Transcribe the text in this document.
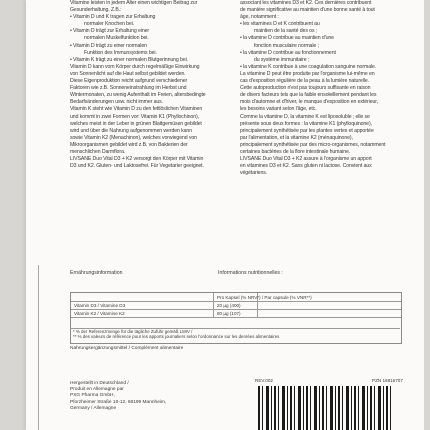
Vitamine leisten in jedem Alter einen wichtigen Beitrag zur
Gesunderhaltung. Z.B.:
• Vitamin D und K tragen zur Erhaltung
normaler Knochen bei.
• Vitamin D trägt zur Erhaltung einer
normalen Muskelfunktion bei.
• Vitamin D trägt zu einer normalen
Funktion des Immunsystems bei.
• Vitamin K trägt zu einer normalen Blutgerinnung bei.
Vitamin D kann vom Körper durch regelmäßige Einwirkung
von Sonnenlicht auf die Haut selbst gebildet werden.
Diese Eigenproduktion reicht aufgrund verschiedener
Faktoren wie z.B. Sonneneinstrahlung im Herbst und
Wintermonaten, zu wenig Aufenthalt im Freien, altersbedingte
Bedarfsänderungen usw. nicht immer aus.
Vitamin K steht wie Vitamin D zu den fettlöslichen Vitaminen
und kommt in zwei Formen vor: Vitamin K1 (Phyllochinon),
welches meist in der Leber in grünen Blattgemüsen gebildet
wird und über die Nahrung aufgenommen werden kann
sowie Vitamin K2 (Menachinon), welches vorwiegend von
Mikroorganismen gebildet wird z.B. von Bakterien der
menschlichen Darmflora.
LIVSANE Duo Vital D3 + K2 versorgt den Körper mit Vitamin
D3 und K2. Gluten- und Laktosefrei. Für Vegetarier geeignet.
associant les vitamines D3 et K2. Ces dernières contribuent
de manière significative au maintien d'une bonne santé à tout
âge, notamment :
• les vitamines D et K contribuent au
maintien de la santé des os ;
• la vitamine D contribue au maintien d'une
fonction musculaire normale ;
• la vitamine D contribue au fonctionnement
du système immunitaire ;
• la vitamine K contribue à une coagulation sanguine normale.
La vitamine D peut être produite par l'organisme lui-même en
cas d'exposition régulière de la peau à la lumière naturelle.
Cette autoproduction n'est pas toujours suffisante en raison
de divers facteurs tels que la faible ensoleillement pendant les
mois d'automne et d'hiver, le manque d'exposition en extérieur,
les besoins variant selon l'âge, etc.
Comme la vitamine D, la vitamine K est liposoluble ; elle se
présente sous deux formes : la vitamine K1 (phylloquinone),
principalement synthétisée par les plantes vertes et apportée
par l'alimentation, et la vitamine K2 (ménaquinone),
principalement synthétisée par des micro-organismes, notamment
certaines bactéries de la flore intestinale humaine.
LIVSANE Duo Vital D3 + K2 assure à l'organisme un apport
en vitamines D3 et K2. Sans gluten ni lactose. Convient aux
végétariens.
Ernährungsinformation	Informations nutritionnelles :
Pro Kapsel (% NRV*) / Par capsule (% VNR**)
Vitamin D3 / Vitamine D3	20 µg (400)
Vitamin K2 / Vitamine K2	80 µg (107)
* % der Referenzmenge für die tägliche Zufuhr gemäß LMIV /
** % des valeurs de référence pour les apports journaliers selon l'ordonnance sur les denrées alimentaires
Nahrungsergänzungsmittel / Complément alimentaire
Hergestellt in Deutschland /
Produit en Allemagne par
PXG Pharma GmbH,
Pforzheimer Straße 10-12, 68199 Mannheim,
Germany / Allemagne
REV.002	PZN 16816707
